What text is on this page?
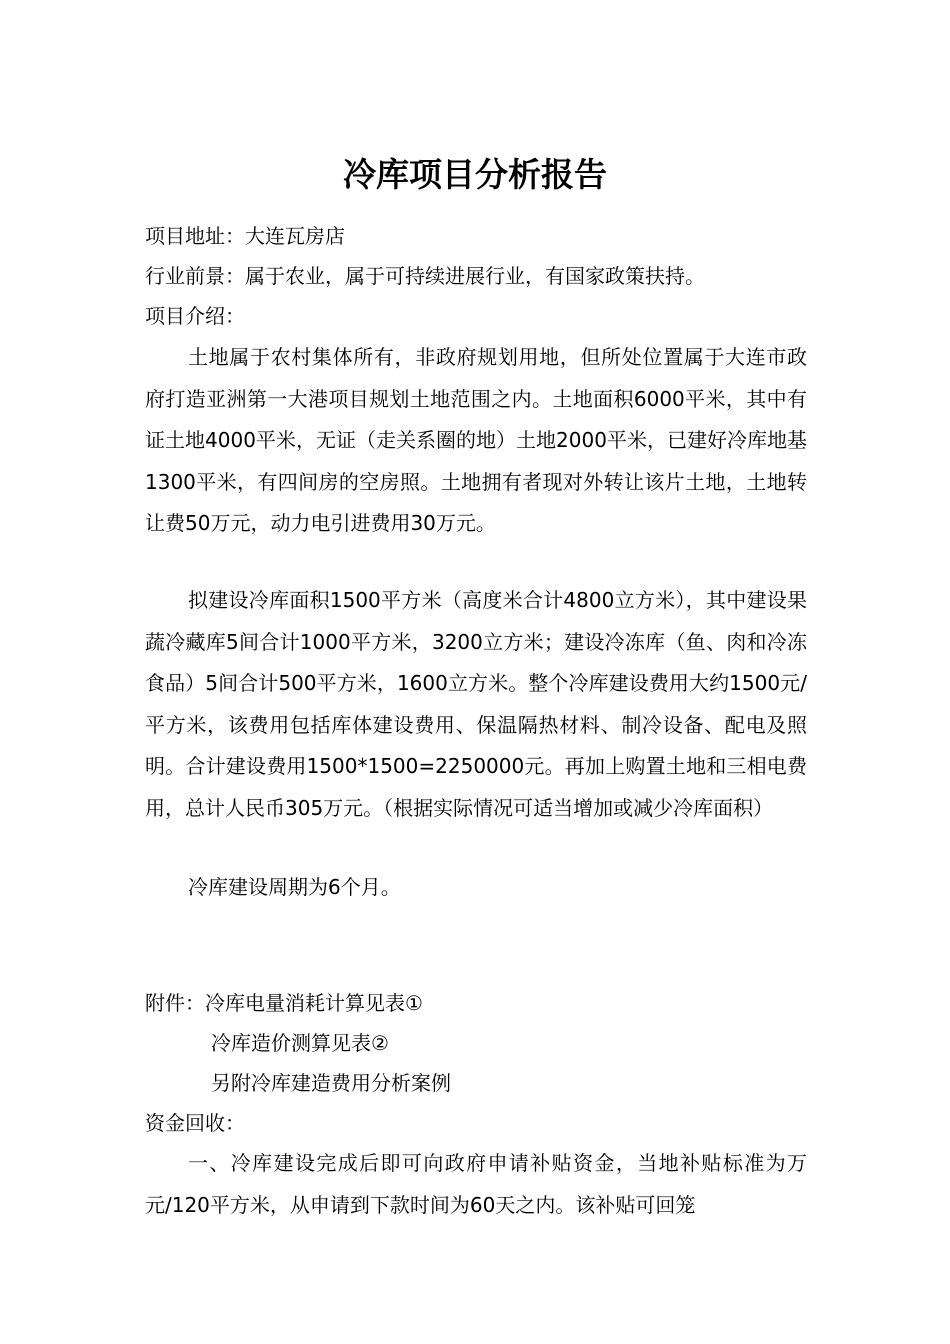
冷库项目分析报告

项目地址：大连瓦房店

行业前景：属于农业，属于可持续进展行业，有国家政策扶持。

项目介绍：

土地属于农村集体所有，非政府规划用地，但所处位置属于大连市政府打造亚洲第一大港项目规划土地范围之内。土地面积6000平米，其中有证土地4000平米，无证（走关系圈的地）土地2000平米，已建好冷库地基1300平米，有四间房的空房照。土地拥有者现对外转让该片土地，土地转让费50万元，动力电引进费用30万元。

拟建设冷库面积1500平方米（高度米合计4800立方米），其中建设果蔬冷藏库5间合计1000平方米，3200立方米；建设冷冻库（鱼、肉和冷冻食品）5间合计500平方米，1600立方米。整个冷库建设费用大约1500元/平方米，该费用包括库体建设费用、保温隔热材料、制冷设备、配电及照明。合计建设费用1500*1500=2250000元。再加上购置土地和三相电费用，总计人民币305万元。（根据实际情况可适当增加或减少冷库面积）

冷库建设周期为6个月。

附件：冷库电量消耗计算见表①

冷库造价测算见表②

另附冷库建造费用分析案例

资金回收：

一、冷库建设完成后即可向政府申请补贴资金，当地补贴标准为万元/120平方米，从申请到下款时间为60天之内。该补贴可回笼
